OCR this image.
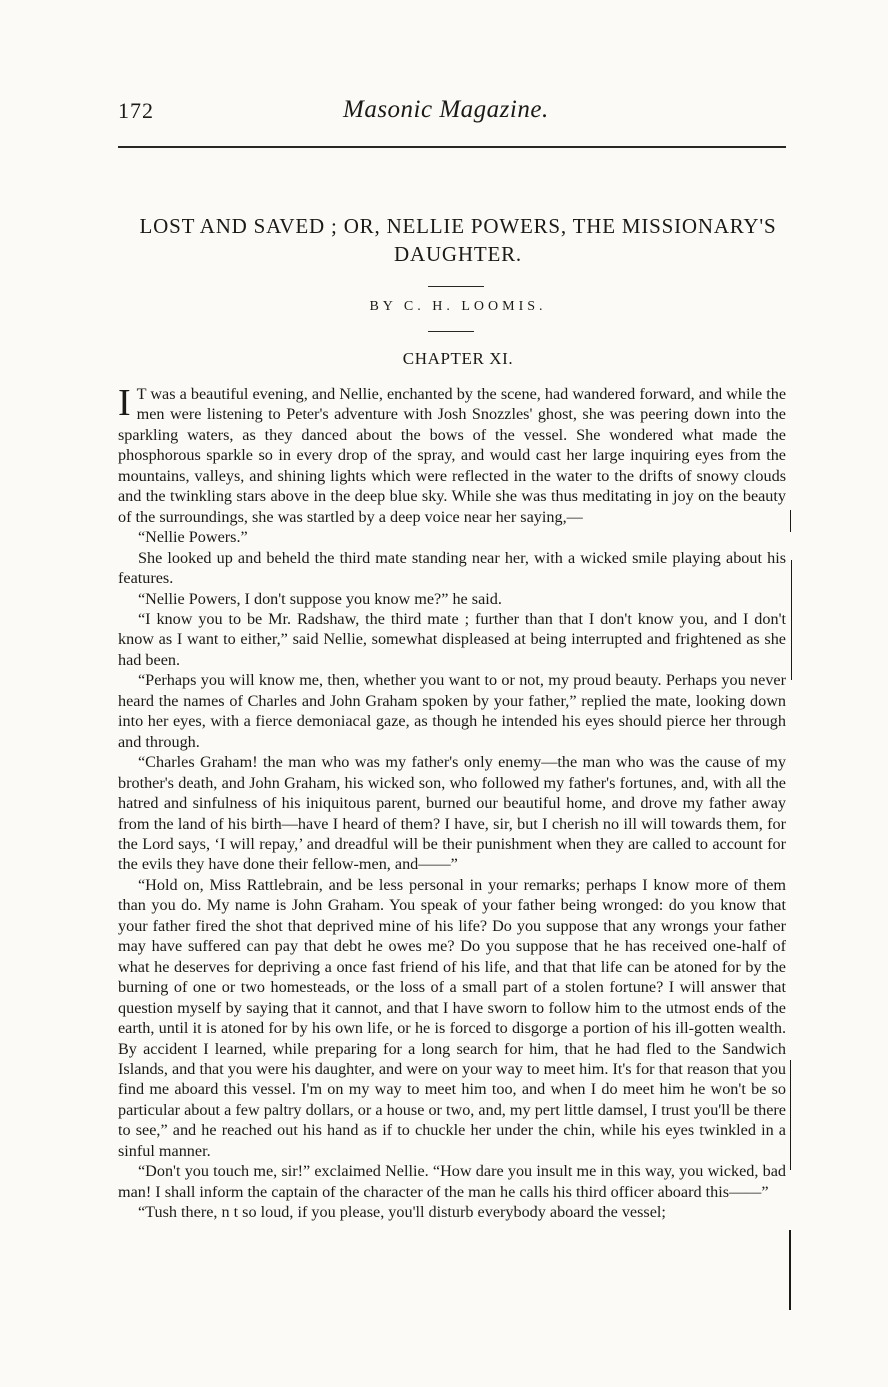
172	Masonic Magazine.
LOST AND SAVED ; OR, NELLIE POWERS, THE MISSIONARY'S
DAUGHTER.
BY C. H. LOOMIS.
CHAPTER XI.

I T was a beautiful evening, and Nellie, enchanted by the scene, had wandered forward, and while the men were listening to Peter's adventure with Josh Snozzles' ghost, she was peering down into the sparkling waters, as they danced about the bows of the vessel. She wondered what made the phosphorous sparkle so in every drop of the spray, and would cast her large inquiring eyes from the mountains, valleys, and shining lights which were reflected in the water to the drifts of snowy clouds and the twinkling stars above in the deep blue sky. While she was thus meditating in joy on the beauty of the surroundings, she was startled by a deep voice near her saying,—

“Nellie Powers.”

She looked up and beheld the third mate standing near her, with a wicked smile playing about his features.

“Nellie Powers, I don't suppose you know me?” he said.

“I know you to be Mr. Radshaw, the third mate ; further than that I don't know you, and I don't know as I want to either,” said Nellie, somewhat displeased at being interrupted and frightened as she had been.

“Perhaps you will know me, then, whether you want to or not, my proud beauty. Perhaps you never heard the names of Charles and John Graham spoken by your father,” replied the mate, looking down into her eyes, with a fierce demoniacal gaze, as though he intended his eyes should pierce her through and through.

“Charles Graham! the man who was my father's only enemy—the man who was the cause of my brother's death, and John Graham, his wicked son, who followed my father's fortunes, and, with all the hatred and sinfulness of his iniquitous parent, burned our beautiful home, and drove my father away from the land of his birth—have I heard of them? I have, sir, but I cherish no ill will towards them, for the Lord says, ‘I will repay,’ and dreadful will be their punishment when they are called to account for the evils they have done their fellow-men, and——”

“Hold on, Miss Rattlebrain, and be less personal in your remarks; perhaps I know more of them than you do. My name is John Graham. You speak of your father being wronged: do you know that your father fired the shot that deprived mine of his life? Do you suppose that any wrongs your father may have suffered can pay that debt he owes me? Do you suppose that he has received one-half of what he deserves for depriving a once fast friend of his life, and that that life can be atoned for by the burning of one or two homesteads, or the loss of a small part of a stolen fortune? I will answer that question myself by saying that it cannot, and that I have sworn to follow him to the utmost ends of the earth, until it is atoned for by his own life, or he is forced to disgorge a portion of his ill-gotten wealth. By accident I learned, while preparing for a long search for him, that he had fled to the Sandwich Islands, and that you were his daughter, and were on your way to meet him. It's for that reason that you find me aboard this vessel. I'm on my way to meet him too, and when I do meet him he won't be so particular about a few paltry dollars, or a house or two, and, my pert little damsel, I trust you'll be there to see,” and he reached out his hand as if to chuckle her under the chin, while his eyes twinkled in a sinful manner.

“Don't you touch me, sir!” exclaimed Nellie. “How dare you insult me in this way, you wicked, bad man! I shall inform the captain of the character of the man he calls his third officer aboard this——”

“Tush there, n t so loud, if you please, you'll disturb everybody aboard the vessel;
